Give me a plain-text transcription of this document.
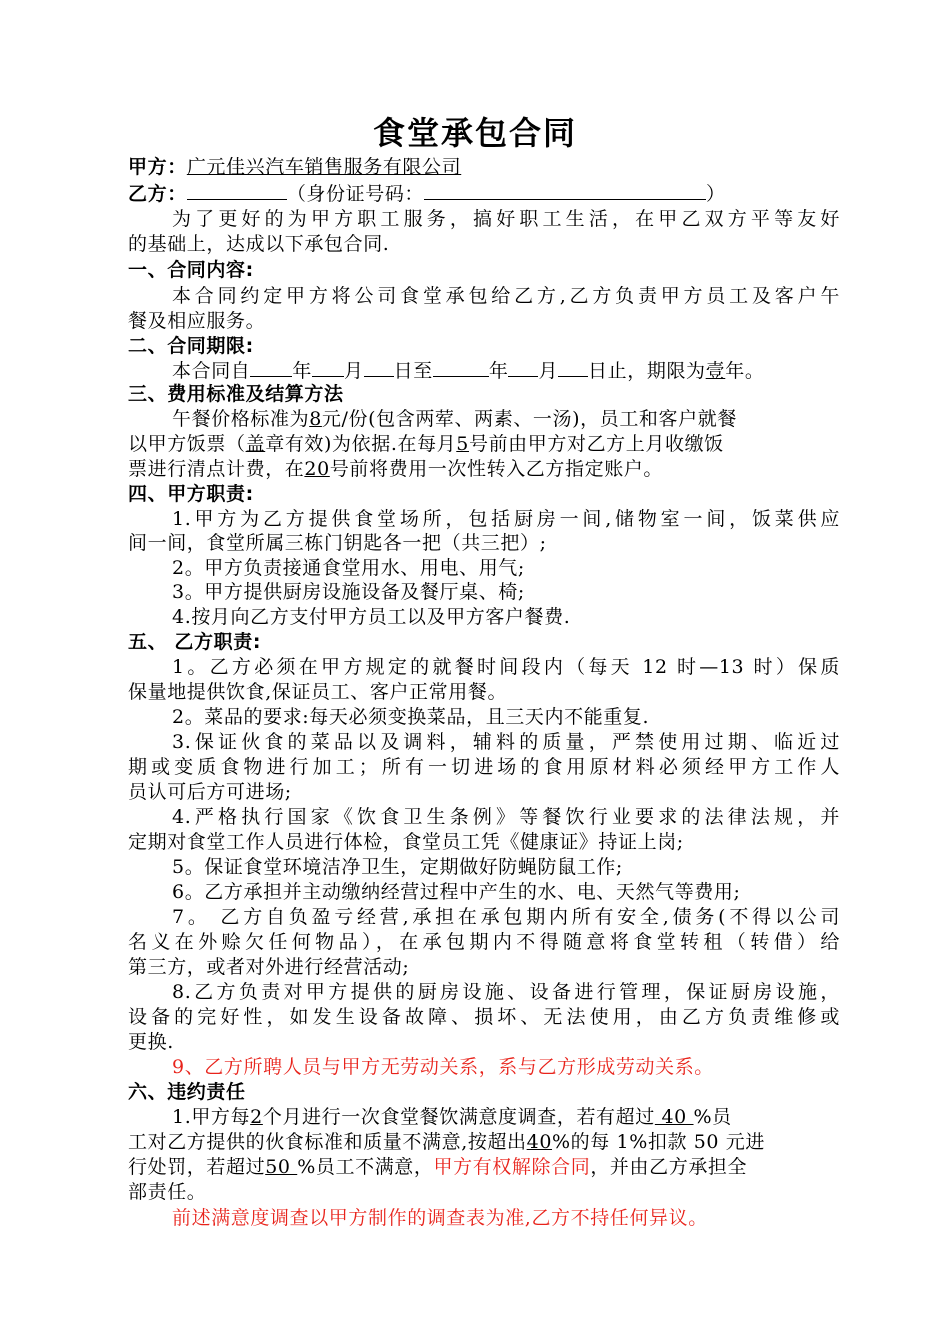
食堂承包合同
甲方：广元佳兴汽车销售服务有限公司
乙方：	（身份证号码：	）
为了更好的为甲方职工服务，搞好职工生活，在甲乙双方平等友好
的基础上，达成以下承包合同.
一、合同内容:
本合同约定甲方将公司食堂承包给乙方,乙方负责甲方员工及客户午
餐及相应服务。
二、合同期限:
本合同自 年 月 日至	年 月 日止，期限为壹年。
三、费用标准及结算方法
午餐价格标准为8元/份(包含两荤、两素、一汤)，员工和客户就餐
以甲方饭票（盖章有效)为依据.在每月5号前由甲方对乙方上月收缴饭
票进行清点计费，在20号前将费用一次性转入乙方指定账户。
四、甲方职责:
1.甲方为乙方提供食堂场所，包括厨房一间,储物室一间，饭菜供应
间一间，食堂所属三栋门钥匙各一把（共三把）;
2。甲方负责接通食堂用水、用电、用气;
3。甲方提供厨房设施设备及餐厅桌、椅;
4.按月向乙方支付甲方员工以及甲方客户餐费.
五、 乙方职责:
1。乙方必须在甲方规定的就餐时间段内（每天 12 时—13 时）保质
保量地提供饮食,保证员工、客户正常用餐。
2。菜品的要求:每天必须变换菜品，且三天内不能重复.
3.保证伙食的菜品以及调料，辅料的质量，严禁使用过期、临近过
期或变质食物进行加工；所有一切进场的食用原材料必须经甲方工作人
员认可后方可进场;
4.严格执行国家《饮食卫生条例》等餐饮行业要求的法律法规，并
定期对食堂工作人员进行体检，食堂员工凭《健康证》持证上岗;
5。保证食堂环境洁净卫生，定期做好防蝇防鼠工作;
6。乙方承担并主动缴纳经营过程中产生的水、电、天然气等费用;
7。 乙方自负盈亏经营,承担在承包期内所有安全,债务(不得以公司
名义在外赊欠任何物品），在承包期内不得随意将食堂转租（转借）给
第三方，或者对外进行经营活动;
8.乙方负责对甲方提供的厨房设施、设备进行管理，保证厨房设施，
设备的完好性，如发生设备故障、损坏、无法使用，由乙方负责维修或
更换.
9、乙方所聘人员与甲方无劳动关系，系与乙方形成劳动关系。
六、违约责任
1.甲方每2个月进行一次食堂餐饮满意度调查，若有超过 40 %员
工对乙方提供的伙食标准和质量不满意,按超出40%的每 1%扣款 50 元进
行处罚，若超过50 %员工不满意，甲方有权解除合同，并由乙方承担全
部责任。
前述满意度调查以甲方制作的调查表为准,乙方不持任何异议。
